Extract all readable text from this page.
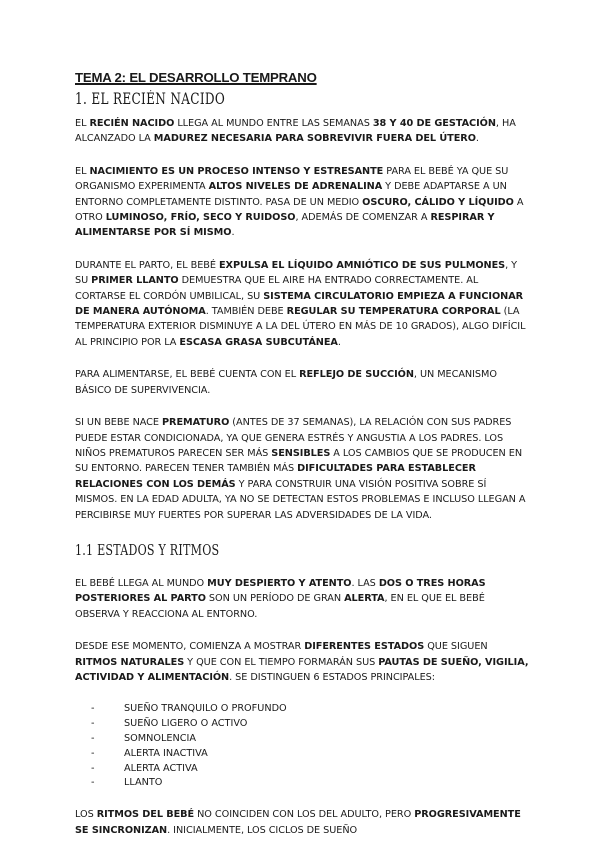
TEMA 2: EL DESARROLLO TEMPRANO
1. EL RECIÉN NACIDO

EL RECIÉN NACIDO LLEGA AL MUNDO ENTRE LAS SEMANAS 38 Y 40 DE GESTACIÓN, HA ALCANZADO LA MADUREZ NECESARIA PARA SOBREVIVIR FUERA DEL ÚTERO.

EL NACIMIENTO ES UN PROCESO INTENSO Y ESTRESANTE PARA EL BEBÉ YA QUE SU ORGANISMO EXPERIMENTA ALTOS NIVELES DE ADRENALINA Y DEBE ADAPTARSE A UN ENTORNO COMPLETAMENTE DISTINTO. PASA DE UN MEDIO OSCURO, CÁLIDO Y LÍQUIDO A OTRO LUMINOSO, FRÍO, SECO Y RUIDOSO, ADEMÁS DE COMENZAR A RESPIRAR Y ALIMENTARSE POR SÍ MISMO.

DURANTE EL PARTO, EL BEBÉ EXPULSA EL LÍQUIDO AMNIÓTICO DE SUS PULMONES, Y SU PRIMER LLANTO DEMUESTRA QUE EL AIRE HA ENTRADO CORRECTAMENTE. AL CORTARSE EL CORDÓN UMBILICAL, SU SISTEMA CIRCULATORIO EMPIEZA A FUNCIONAR DE MANERA AUTÓNOMA. TAMBIÉN DEBE REGULAR SU TEMPERATURA CORPORAL (LA TEMPERATURA EXTERIOR DISMINUYE A LA DEL ÚTERO EN MÁS DE 10 GRADOS), ALGO DIFÍCIL AL PRINCIPIO POR LA ESCASA GRASA SUBCUTÁNEA.

PARA ALIMENTARSE, EL BEBÉ CUENTA CON EL REFLEJO DE SUCCIÓN, UN MECANISMO BÁSICO DE SUPERVIVENCIA.

SI UN BEBE NACE PREMATURO (ANTES DE 37 SEMANAS), LA RELACIÓN CON SUS PADRES PUEDE ESTAR CONDICIONADA, YA QUE GENERA ESTRÉS Y ANGUSTIA A LOS PADRES. LOS NIÑOS PREMATUROS PARECEN SER MÁS SENSIBLES A LOS CAMBIOS QUE SE PRODUCEN EN SU ENTORNO. PARECEN TENER TAMBIÉN MÁS DIFICULTADES PARA ESTABLECER RELACIONES CON LOS DEMÁS Y PARA CONSTRUIR UNA VISIÓN POSITIVA SOBRE SÍ MISMOS. EN LA EDAD ADULTA, YA NO SE DETECTAN ESTOS PROBLEMAS E INCLUSO LLEGAN A PERCIBIRSE MUY FUERTES POR SUPERAR LAS ADVERSIDADES DE LA VIDA.

1.1 ESTADOS Y RITMOS

EL BEBÉ LLEGA AL MUNDO MUY DESPIERTO Y ATENTO. LAS DOS O TRES HORAS POSTERIORES AL PARTO SON UN PERÍODO DE GRAN ALERTA, EN EL QUE EL BEBÉ OBSERVA Y REACCIONA AL ENTORNO.

DESDE ESE MOMENTO, COMIENZA A MOSTRAR DIFERENTES ESTADOS QUE SIGUEN RITMOS NATURALES Y QUE CON EL TIEMPO FORMARÁN SUS PAUTAS DE SUEÑO, VIGILIA, ACTIVIDAD Y ALIMENTACIÓN. SE DISTINGUEN 6 ESTADOS PRINCIPALES:

- SUEÑO TRANQUILO O PROFUNDO
- SUEÑO LIGERO O ACTIVO
- SOMNOLENCIA
- ALERTA INACTIVA
- ALERTA ACTIVA
- LLANTO

LOS RITMOS DEL BEBÉ NO COINCIDEN CON LOS DEL ADULTO, PERO PROGRESIVAMENTE SE SINCRONIZAN. INICIALMENTE, LOS CICLOS DE SUEÑO
